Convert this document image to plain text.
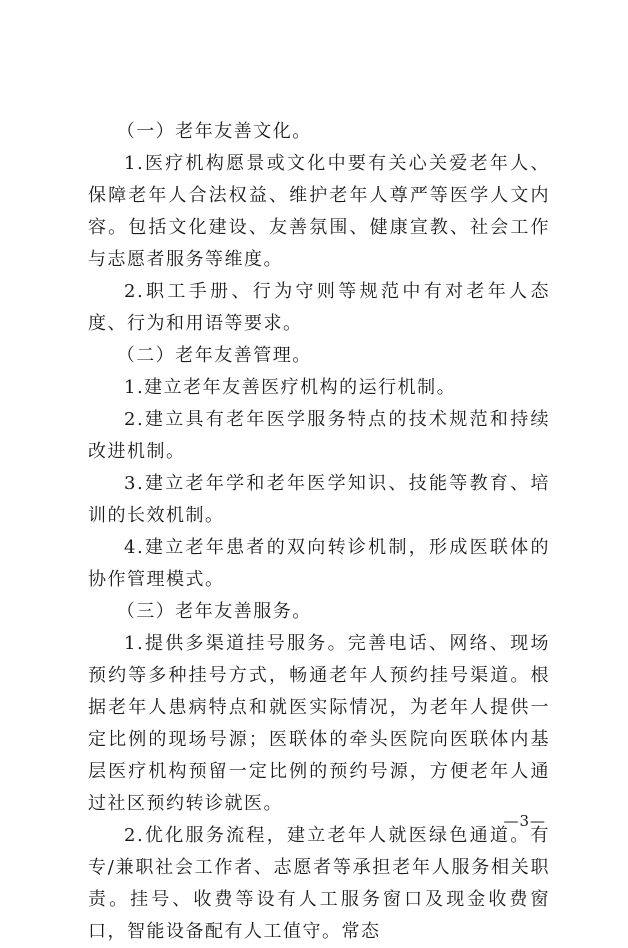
（一）老年友善文化。

1.医疗机构愿景或文化中要有关心关爱老年人、保障老年人合法权益、维护老年人尊严等医学人文内容。包括文化建设、友善氛围、健康宣教、社会工作与志愿者服务等维度。

2.职工手册、行为守则等规范中有对老年人态度、行为和用语等要求。

（二）老年友善管理。

1.建立老年友善医疗机构的运行机制。

2.建立具有老年医学服务特点的技术规范和持续改进机制。

3.建立老年学和老年医学知识、技能等教育、培训的长效机制。

4.建立老年患者的双向转诊机制，形成医联体的协作管理模式。

（三）老年友善服务。

1.提供多渠道挂号服务。完善电话、网络、现场预约等多种挂号方式，畅通老年人预约挂号渠道。根据老年人患病特点和就医实际情况，为老年人提供一定比例的现场号源；医联体的牵头医院向医联体内基层医疗机构预留一定比例的预约号源，方便老年人通过社区预约转诊就医。

2.优化服务流程，建立老年人就医绿色通道。有专/兼职社会工作者、志愿者等承担老年人服务相关职责。挂号、收费等设有人工服务窗口及现金收费窗口，智能设备配有人工值守。常态

—3—
